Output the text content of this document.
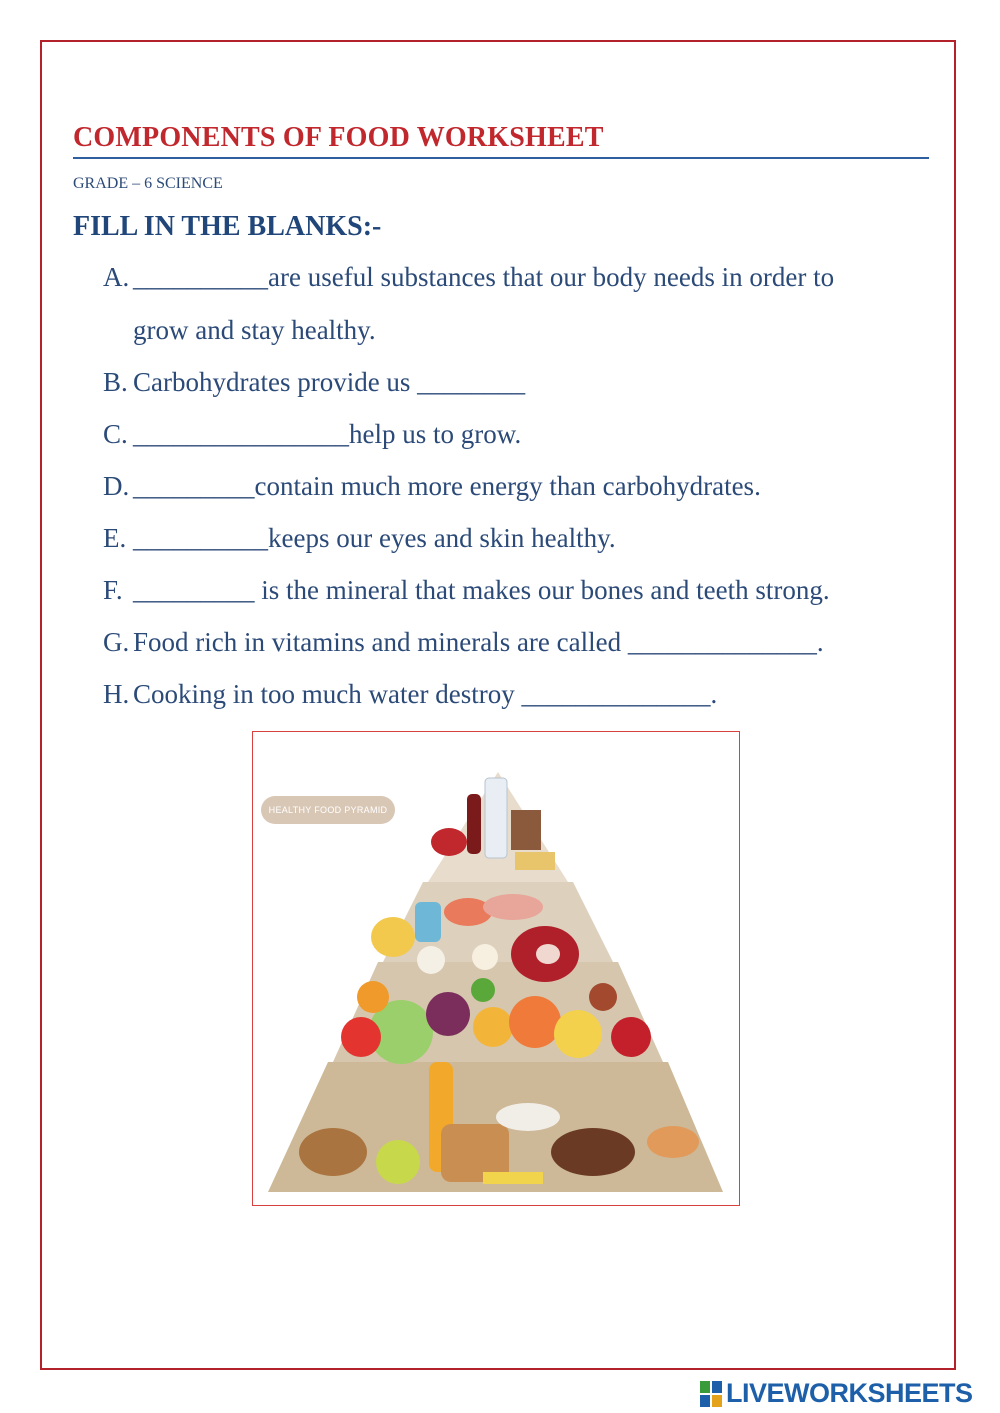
COMPONENTS OF FOOD WORKSHEET
GRADE – 6 SCIENCE
FILL IN THE BLANKS:-
A. __________are useful substances that our body needs in order to
grow and stay healthy.
B. Carbohydrates provide us ________
C. ________________help us to grow.
D. _________contain much more energy than carbohydrates.
E. __________keeps our eyes and skin healthy.
F. _________ is the mineral that makes our bones and teeth strong.
G. Food rich in vitamins and minerals are called ______________.
H. Cooking in too much water destroy ______________.
HEALTHY FOOD PYRAMID
LIVEWORKSHEETS
